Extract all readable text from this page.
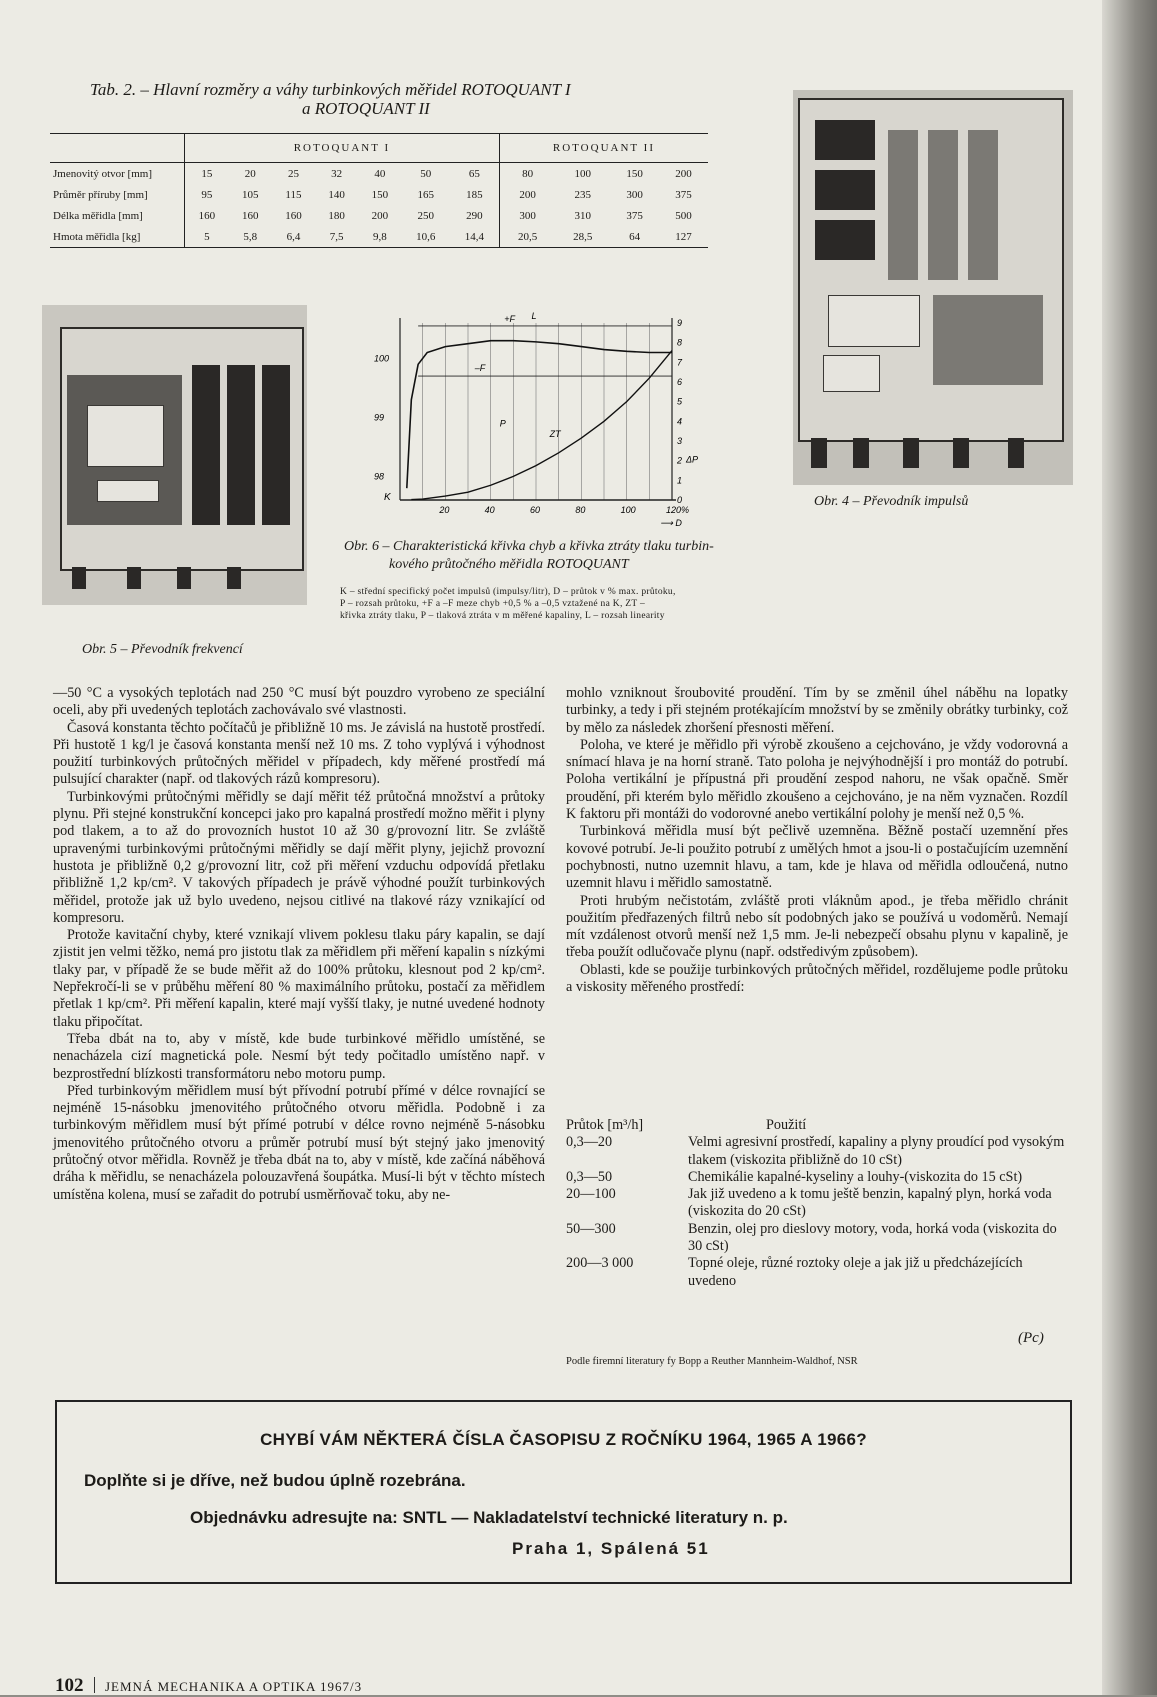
Tab. 2. – Hlavní rozměry a váhy turbinkových měřidel ROTOQUANT I
a ROTOQUANT II
	ROTOQUANT I							ROTOQUANT II			
Jmenovitý otvor [mm]	15	20	25	32	40	50	65	80	100	150	200
Průměr příruby [mm]	95	105	115	140	150	165	185	200	235	300	375
Délka měřidla [mm]	160	160	160	180	200	250	290	300	310	375	500
Hmota měřidla [kg]	5	5,8	6,4	7,5	9,8	10,6	14,4	20,5	28,5	64	127
Obr. 5 – Převodník frekvencí
Obr. 4 – Převodník impulsů
20	40	60	80	100	120%
⟶ D
100
99
98
K	0
1
2
3
4
5
6
7
8
9
ΔP
+F
–F
P
ZT
L
Obr. 6 – Charakteristická křivka chyb a křivka ztráty tlaku turbin-
kového průtočného měřidla ROTOQUANT
K – střední specifický počet impulsů (impulsy/litr), D – průtok v % max. průtoku,
P – rozsah průtoku, +F a –F meze chyb +0,5 % a –0,5 vztažené na K, ZT –
křivka ztráty tlaku, P – tlaková ztráta v m měřené kapaliny, L – rozsah linearity

—50 °C a vysokých teplotách nad 250 °C musí být pouzdro vyrobeno ze speciální oceli, aby při uvedených teplotách zachovávalo své vlastnosti.

Časová konstanta těchto počítačů je přibližně 10 ms. Je závislá na hustotě prostředí. Při hustotě 1 kg/l je časová konstanta menší než 10 ms. Z toho vyplývá i výhodnost použití turbinkových průtočných měřidel v případech, kdy měřené prostředí má pulsující charakter (např. od tlakových rázů kompresoru).

Turbinkovými průtočnými měřidly se dají měřit též průtočná množství a průtoky plynu. Při stejné konstrukční koncepci jako pro kapalná prostředí možno měřit i plyny pod tlakem, a to až do provozních hustot 10 až 30 g/provozní litr. Se zvláště upravenými turbinkovými průtočnými měřidly se dají měřit plyny, jejichž provozní hustota je přibližně 0,2 g/provozní litr, což při měření vzduchu odpovídá přetlaku přibližně 1,2 kp/cm². V takových případech je právě výhodné použít turbinkových měřidel, protože jak už bylo uvedeno, nejsou citlivé na tlakové rázy vznikající od kompresoru.

Protože kavitační chyby, které vznikají vlivem poklesu tlaku páry kapalin, se dají zjistit jen velmi těžko, nemá pro jistotu tlak za měřidlem při měření kapalin s nízkými tlaky par, v případě že se bude měřit až do 100% průtoku, klesnout pod 2 kp/cm². Nepřekročí-li se v průběhu měření 80 % maximálního průtoku, postačí za měřidlem přetlak 1 kp/cm². Při měření kapalin, které mají vyšší tlaky, je nutné uvedené hodnoty tlaku připočítat.

Třeba dbát na to, aby v místě, kde bude turbinkové měřidlo umístěné, se nenacházela cizí magnetická pole. Nesmí být tedy počitadlo umístěno např. v bezprostřední blízkosti transformátoru nebo motoru pump.

Před turbinkovým měřidlem musí být přívodní potrubí přímé v délce rovnající se nejméně 15-násobku jmenovitého průtočného otvoru měřidla. Podobně i za turbinkovým měřidlem musí být přímé potrubí v délce rovno nejméně 5-násobku jmenovitého průtočného otvoru a průměr potrubí musí být stejný jako jmenovitý průtočný otvor měřidla. Rovněž je třeba dbát na to, aby v místě, kde začíná náběhová dráha k měřidlu, se nenacházela polouzavřená šoupátka. Musí-li být v těchto místech umístěna kolena, musí se zařadit do potrubí usměrňovač toku, aby ne-

mohlo vzniknout šroubovité proudění. Tím by se změnil úhel náběhu na lopatky turbinky, a tedy i při stejném protékajícím množství by se změnily obrátky turbinky, což by mělo za následek zhoršení přesnosti měření.

Poloha, ve které je měřidlo při výrobě zkoušeno a cejchováno, je vždy vodorovná a snímací hlava je na horní straně. Tato poloha je nejvýhodnější i pro montáž do potrubí. Poloha vertikální je přípustná při proudění zespod nahoru, ne však opačně. Směr proudění, při kterém bylo měřidlo zkoušeno a cejchováno, je na něm vyznačen. Rozdíl K faktoru při montáži do vodorovné anebo vertikální polohy je menší než 0,5 %.

Turbinková měřidla musí být pečlivě uzemněna. Běžně postačí uzemnění přes kovové potrubí. Je-li použito potrubí z umělých hmot a jsou-li o postačujícím uzemnění pochybnosti, nutno uzemnit hlavu, a tam, kde je hlava od měřidla odloučená, nutno uzemnit hlavu i měřidlo samostatně.

Proti hrubým nečistotám, zvláště proti vláknům apod., je třeba měřidlo chránit použitím předřazených filtrů nebo sít podobných jako se používá u vodoměrů. Nemají mít vzdálenost otvorů menší než 1,5 mm. Je-li nebezpečí obsahu plynu v kapalině, je třeba použít odlučovače plynu (např. odstředivým způsobem).

Oblasti, kde se použije turbinkových průtočných měřidel, rozdělujeme podle průtoku a viskosity měřeného prostředí:

Průtok [m³/h]	Použití
0,3—20	Velmi agresivní prostředí, kapaliny a plyny proudící pod vysokým tlakem (viskozita přibližně do 10 cSt)
0,3—50	Chemikálie kapalné-kyseliny a louhy-(viskozita do 15 cSt)
20—100	Jak již uvedeno a k tomu ještě benzin, kapalný plyn, horká voda (viskozita do 20 cSt)
50—300	Benzin, olej pro dieslovy motory, voda, horká voda (viskozita do 30 cSt)
200—3 000	Topné oleje, různé roztoky oleje a jak již u předcházejících uvedeno
(Pc)
Podle firemní literatury fy Bopp a Reuther Mannheim-Waldhof, NSR
CHYBÍ VÁM NĚKTERÁ ČÍSLA ČASOPISU Z ROČNÍKU 1964, 1965 A 1966?
Doplňte si je dříve, než budou úplně rozebrána.
Objednávku adresujte na: SNTL — Nakladatelství technické literatury n. p.
Praha 1, Spálená 51
102 JEMNÁ MECHANIKA A OPTIKA 1967/3
